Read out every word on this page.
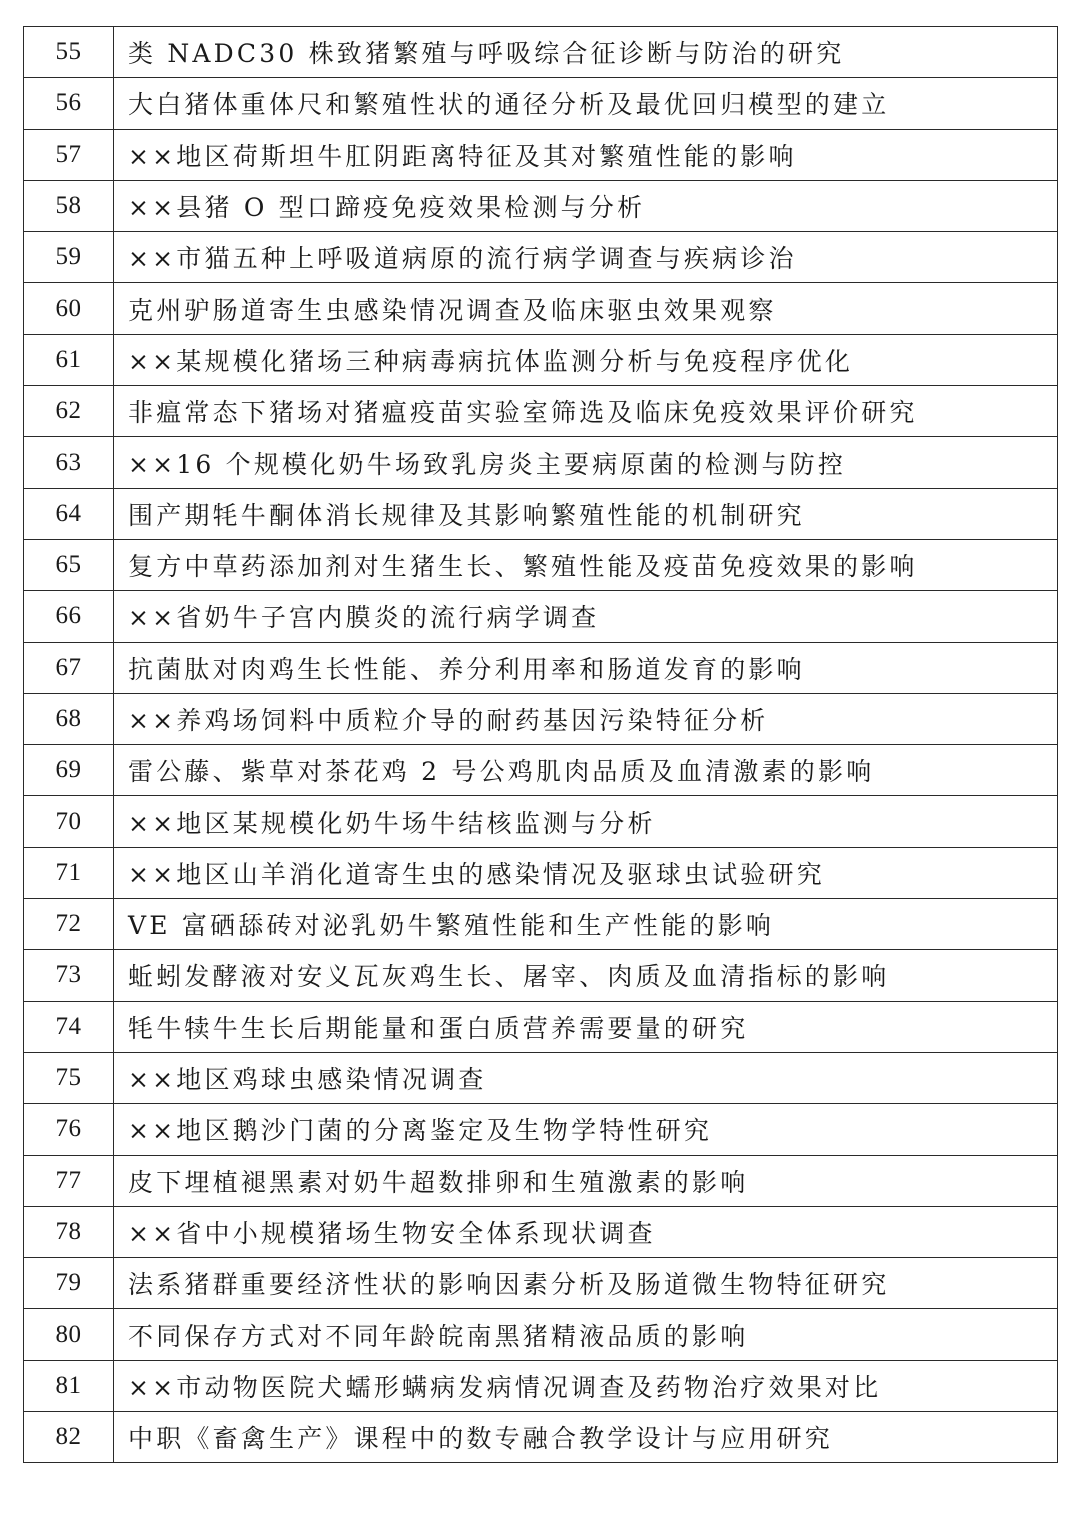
55	类 NADC30 株致猪繁殖与呼吸综合征诊断与防治的研究
56	大白猪体重体尺和繁殖性状的通径分析及最优回归模型的建立
57	××地区荷斯坦牛肛阴距离特征及其对繁殖性能的影响
58	××县猪 O 型口蹄疫免疫效果检测与分析
59	××市猫五种上呼吸道病原的流行病学调查与疾病诊治
60	克州驴肠道寄生虫感染情况调查及临床驱虫效果观察
61	××某规模化猪场三种病毒病抗体监测分析与免疫程序优化
62	非瘟常态下猪场对猪瘟疫苗实验室筛选及临床免疫效果评价研究
63	××16 个规模化奶牛场致乳房炎主要病原菌的检测与防控
64	围产期牦牛酮体消长规律及其影响繁殖性能的机制研究
65	复方中草药添加剂对生猪生长、繁殖性能及疫苗免疫效果的影响
66	××省奶牛子宫内膜炎的流行病学调查
67	抗菌肽对肉鸡生长性能、养分利用率和肠道发育的影响
68	××养鸡场饲料中质粒介导的耐药基因污染特征分析
69	雷公藤、紫草对茶花鸡 2 号公鸡肌肉品质及血清激素的影响
70	××地区某规模化奶牛场牛结核监测与分析
71	××地区山羊消化道寄生虫的感染情况及驱球虫试验研究
72	VE 富硒舔砖对泌乳奶牛繁殖性能和生产性能的影响
73	蚯蚓发酵液对安义瓦灰鸡生长、屠宰、肉质及血清指标的影响
74	牦牛犊牛生长后期能量和蛋白质营养需要量的研究
75	××地区鸡球虫感染情况调查
76	××地区鹅沙门菌的分离鉴定及生物学特性研究
77	皮下埋植褪黑素对奶牛超数排卵和生殖激素的影响
78	××省中小规模猪场生物安全体系现状调查
79	法系猪群重要经济性状的影响因素分析及肠道微生物特征研究
80	不同保存方式对不同年龄皖南黑猪精液品质的影响
81	××市动物医院犬蠕形螨病发病情况调查及药物治疗效果对比
82	中职《畜禽生产》课程中的数专融合教学设计与应用研究
